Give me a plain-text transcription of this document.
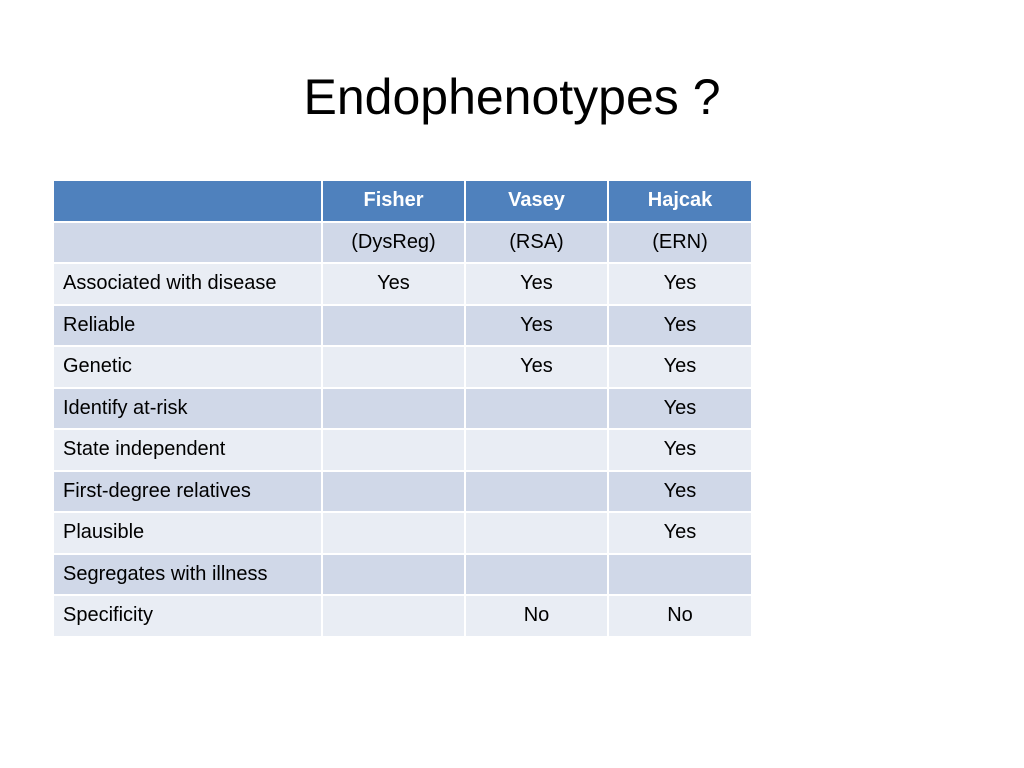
Endophenotypes ?
	Fisher	Vasey	Hajcak
	(DysReg)	(RSA)	(ERN)
Associated with disease	Yes	Yes	Yes
Reliable		Yes	Yes
Genetic		Yes	Yes
Identify at-risk			Yes
State independent			Yes
First-degree relatives			Yes
Plausible			Yes
Segregates with illness			
Specificity		No	No
